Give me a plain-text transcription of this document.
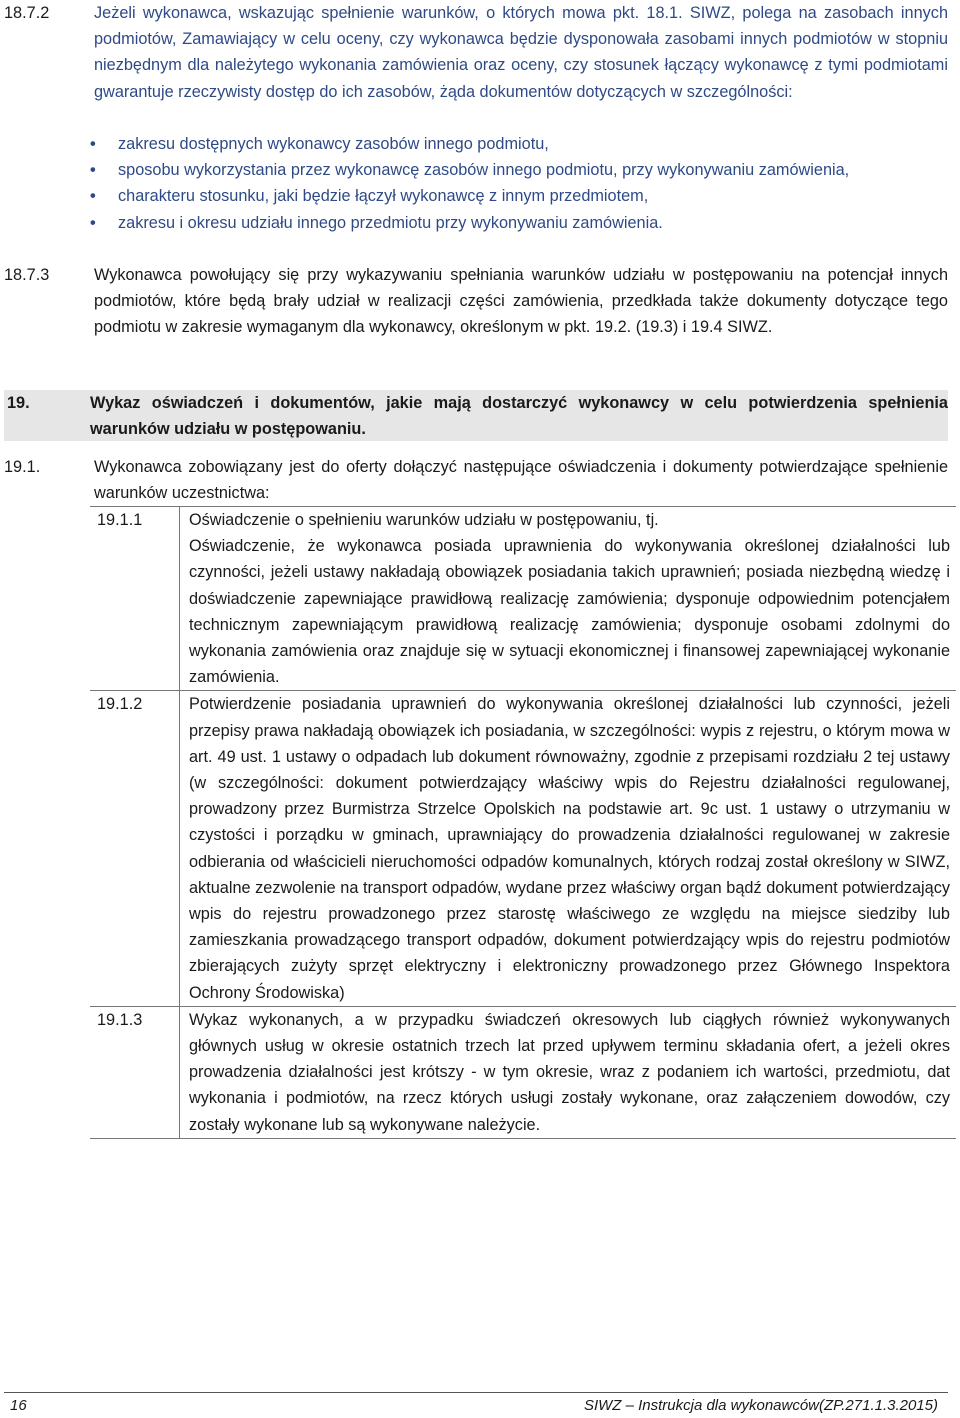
18.7.2	Jeżeli wykonawca, wskazując spełnienie warunków, o których mowa pkt. 18.1. SIWZ, polega na zasobach innych podmiotów, Zamawiający w celu oceny, czy wykonawca będzie dysponowała zasobami innych podmiotów w stopniu niezbędnym dla należytego wykonania zamówienia oraz oceny, czy stosunek łączący wykonawcę z tymi podmiotami gwarantuje rzeczywisty dostęp do ich zasobów, żąda dokumentów dotyczących w szczególności:
• zakresu dostępnych wykonawcy zasobów innego podmiotu,
• sposobu wykorzystania przez wykonawcę zasobów innego podmiotu, przy wykonywaniu zamówienia,
• charakteru stosunku, jaki będzie łączył wykonawcę z innym przedmiotem,
• zakresu i okresu udziału innego przedmiotu przy wykonywaniu zamówienia.
18.7.3	Wykonawca powołujący się przy wykazywaniu spełniania warunków udziału w postępowaniu na potencjał innych podmiotów, które będą brały udział w realizacji części zamówienia, przedkłada także dokumenty dotyczące tego podmiotu w zakresie wymaganym dla wykonawcy, określonym w pkt. 19.2. (19.3) i 19.4 SIWZ.
19.	Wykaz oświadczeń i dokumentów, jakie mają dostarczyć wykonawcy w celu potwierdzenia spełnienia warunków udziału w postępowaniu.
19.1.	Wykonawca zobowiązany jest do oferty dołączyć następujące oświadczenia i dokumenty potwierdzające spełnienie warunków uczestnictwa:
19.1.1	Oświadczenie o spełnieniu warunków udziału w postępowaniu, tj.
Oświadczenie, że wykonawca posiada uprawnienia do wykonywania określonej działalności lub czynności, jeżeli ustawy nakładają obowiązek posiadania takich uprawnień; posiada niezbędną wiedzę i doświadczenie zapewniające prawidłową realizację zamówienia; dysponuje odpowiednim potencjałem technicznym zapewniającym prawidłową realizację zamówienia; dysponuje osobami zdolnymi do wykonania zamówienia oraz znajduje się w sytuacji ekonomicznej i finansowej zapewniającej wykonanie zamówienia.

19.1.2	Potwierdzenie posiadania uprawnień do wykonywania określonej działalności lub czynności, jeżeli przepisy prawa nakładają obowiązek ich posiadania, w szczególności: wypis z rejestru, o którym mowa w art. 49 ust. 1 ustawy o odpadach lub dokument równoważny, zgodnie z przepisami rozdziału 2 tej ustawy (w szczególności: dokument potwierdzający właściwy wpis do Rejestru działalności regulowanej, prowadzony przez Burmistrza Strzelce Opolskich na podstawie art. 9c ust. 1 ustawy o utrzymaniu w czystości i porządku w gminach, uprawniający do prowadzenia działalności regulowanej w zakresie odbierania od właścicieli nieruchomości odpadów komunalnych, których rodzaj został określony w SIWZ, aktualne zezwolenie na transport odpadów, wydane przez właściwy organ bądź dokument potwierdzający wpis do rejestru prowadzonego przez starostę właściwego ze względu na miejsce siedziby lub zamieszkania prowadzącego transport odpadów, dokument potwierdzający wpis do rejestru podmiotów zbierających zużyty sprzęt elektryczny i elektroniczny prowadzonego przez Głównego Inspektora Ochrony Środowiska)
19.1.3	Wykaz wykonanych, a w przypadku świadczeń okresowych lub ciągłych również wykonywanych głównych usług w okresie ostatnich trzech lat przed upływem terminu składania ofert, a jeżeli okres prowadzenia działalności jest krótszy - w tym okresie, wraz z podaniem ich wartości, przedmiotu, dat wykonania i podmiotów, na rzecz których usługi zostały wykonane, oraz załączeniem dowodów, czy zostały wykonane lub są wykonywane należycie.
16	SIWZ – Instrukcja dla wykonawców(ZP.271.1.3.2015)
